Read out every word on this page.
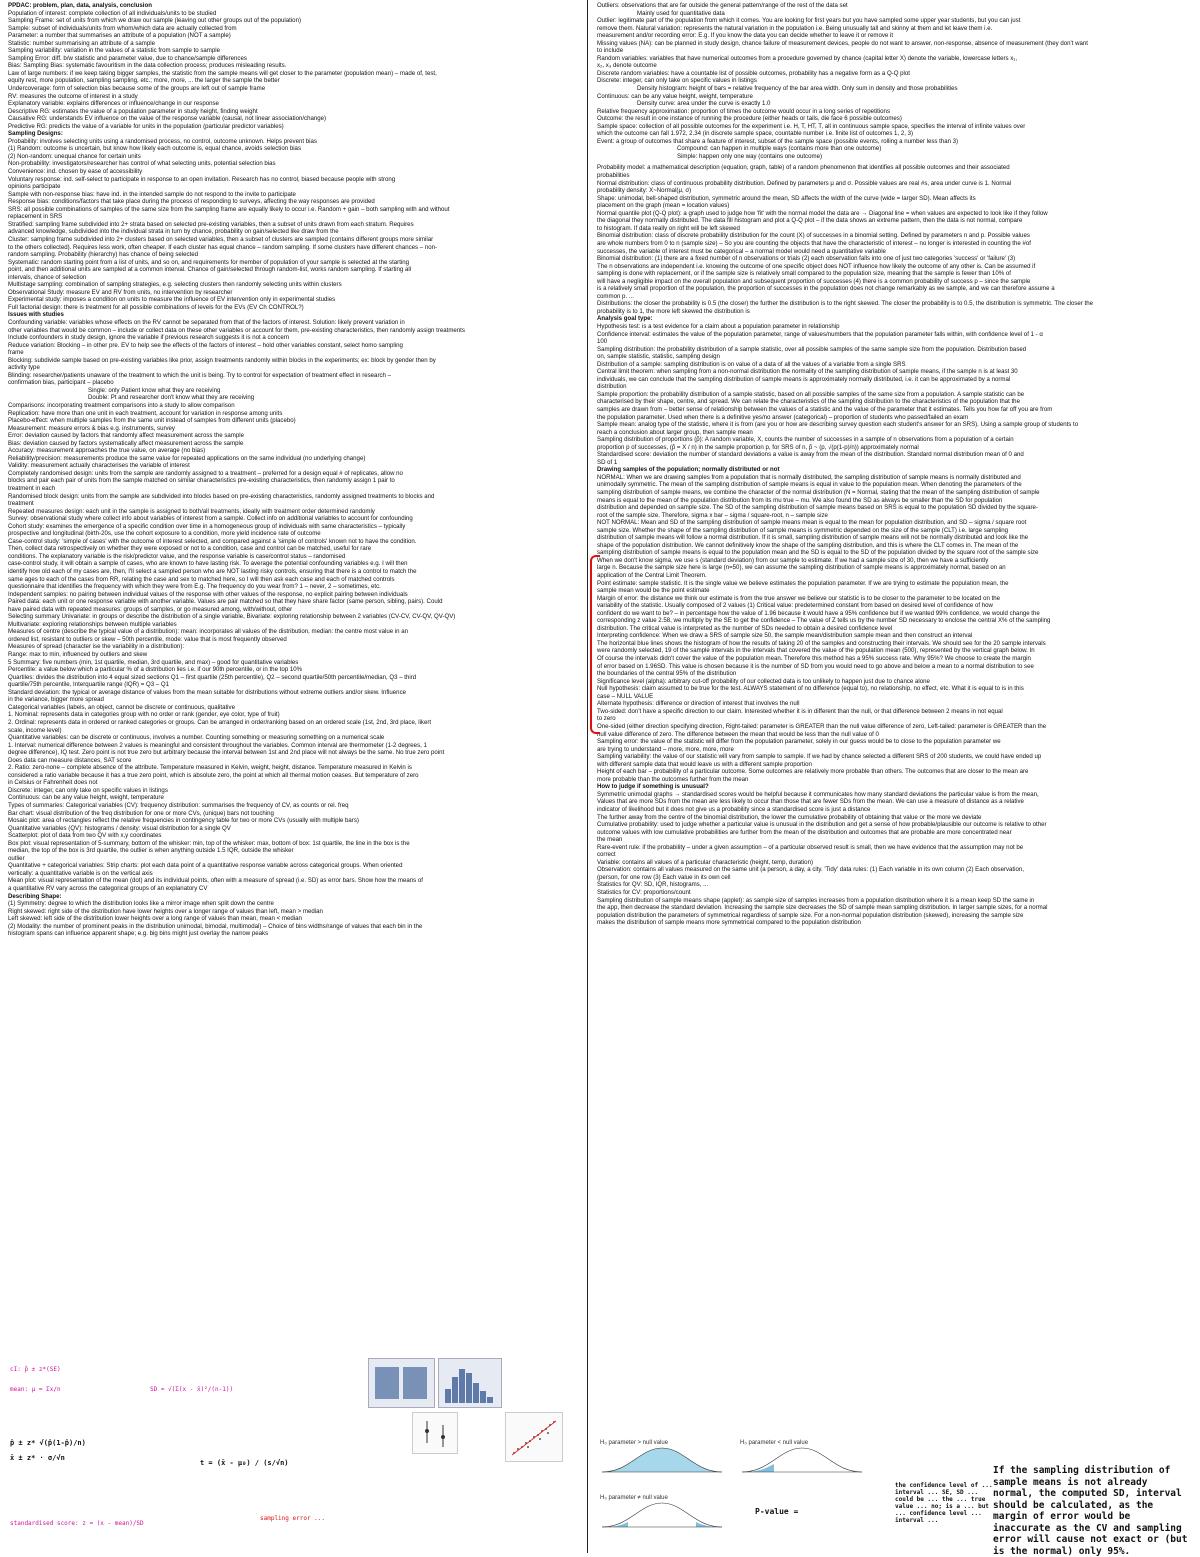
PPDAC: problem, plan, data, analysis, conclusion
Population of interest: complete collection of all individuals/units to be studied
Sampling Frame: set of units from which we draw our sample (leaving out other groups out of the population)
Sample: subset of individuals/units from whom/which data are actually collected from
Parameter: a number that summarises an attribute of a population (NOT a sample)
Statistic: number summarising an attribute of a sample
Sampling variability: variation in the values of a statistic from sample to sample
Sampling Error: diff. b/w statistic and parameter value, due to chance/sample differences
Bias: Sampling Bias: systematic favouritism in the data collection process; produces misleading results.
Law of large numbers: if we keep taking bigger samples, the statistic from the sample means will get closer to the parameter (population mean) – made of, test,
equity rest, more population, sampling sampling, etc.; more, more, ... the larger the sample the better
Undercoverage: form of selection bias because some of the groups are left out of sample frame
RV: measures the outcome of interest in a study
Explanatory variable: explains differences or influence/change in our response
Descriptive RG: estimates the value of a population parameter in study height, finding weight
Causative RG: understands EV influence on the value of the response variable (causal, not linear association/change)
Predictive RG: predicts the value of a variable for units in the population (particular predictor variables)
Sampling Designs:
Probability: involves selecting units using a randomised process, no control, outcome unknown. Helps prevent bias
(1) Random: outcome is uncertain, but know how likely each outcome is, equal chance, avoids selection bias
(2) Non-random: unequal chance for certain units
Non-probability: investigators/researcher has control of what selecting units, potential selection bias
Convenience: ind. chosen by ease of accessibility
Voluntary response: ind. self-select to participate in response to an open invitation. Research has no control, biased because people with strong
opinions participate
Sample with non-response bias: have ind. in the intended sample do not respond to the invite to participate
Response bias: conditions/factors that take place during the process of responding to surveys, affecting the way responses are provided
SRS: all possible combinations of samples of the same size from the sampling frame are equally likely to occur i.e. Random + gain – both sampling with and without
replacement in SRS
Stratified: sampling frame subdivided into 2+ strata based on selected pre-existing variables, then a subset of units drawn from each stratum. Requires
advanced knowledge, subdivided into the individual strata in turn by chance, probability on gain/selected like draw from the
Cluster: sampling frame subdivided into 2+ clusters based on selected variables, then a subset of clusters are sampled (contains different groups more similar
to the others collected). Requires less work, often cheaper. If each cluster has equal chance – random sampling. If some clusters have different chances – non-
random sampling. Probability (hierarchy) has chance of being selected
Systematic: random starting point from a list of units, and so on, and requirements for member of population of your sample is selected at the starting
point, and then additional units are sampled at a common interval. Chance of gain/selected through random-list, works random sampling. If starting all
intervals, chance of selection
Multistage sampling: combination of sampling strategies, e.g. selecting clusters then randomly selecting units within clusters
Observational Study: measure EV and RV from units, no intervention by researcher
Experimental study: imposes a condition on units to measure the influence of EV intervention only in experimental studies
Full factorial design: there is treatment for all possible combinations of levels for the EVs (EV Ch CONTROL?)
Issues with studies
Confounding variable: variables whose effects on the RV cannot be separated from that of the factors of interest. Solution: likely prevent variation in
other variables that would be common – include or collect data on these other variables or account for them, pre-existing characteristics, then randomly assign treatments
Include confounders in study design, ignore the variable if previous research suggests it is not a concern
Reduce variation: Blocking – in other pre. EV to help see the effects of the factors of interest – hold other variables constant, select homo sampling
frame
Blocking: subdivide sample based on pre-existing variables like prior, assign treatments randomly within blocks in the experiments; ex: block by gender then by
activity type
Blinding: researcher/patients unaware of the treatment to which the unit is being. Try to control for expectation of treatment effect in research –
confirmation bias, participant – placebo
Single: only Patient know what they are receiving
Double: Pt and researcher don't know what they are receiving
Comparisons: incorporating treatment comparisons into a study to allow comparison
Replication: have more than one unit in each treatment, account for variation in response among units
Placebo-effect: when multiple samples from the same unit instead of samples from different units (placebo)
Measurement: measure errors & bias e.g. instruments, survey
Error: deviation caused by factors that randomly affect measurement across the sample
Bias: deviation caused by factors systematically affect measurement across the sample
Accuracy: measurement approaches the true value, on average (no bias)
Reliability/precision: measurements produce the same value for repeated applications on the same individual (no underlying change)
Validity: measurement actually characterises the variable of interest
Completely randomised design: units from the sample are randomly assigned to a treatment – preferred for a design equal # of replicates, allow no
blocks and pair each pair of units from the sample matched on similar characteristics pre-existing characteristics, then randomly assign 1 pair to
treatment in each
Randomised block design: units from the sample are subdivided into blocks based on pre-existing characteristics, randomly assigned treatments to blocks and
treatment
Repeated measures design: each unit in the sample is assigned to both/all treatments, ideally with treatment order determined randomly
Survey: observational study where collect info about variables of interest from a sample. Collect info on additional variables to account for confounding
Cohort study: examines the emergence of a specific condition over time in a homogeneous group of individuals with same characteristics – typically
prospective and longitudinal (birth-20s, use the cohort exposure to a condition, more yield incidence rate of outcome
Case-control study: 'simple of cases' with the outcome of interest selected, and compared against a 'simple of controls' known not to have the condition.
Then, collect data retrospectively on whether they were exposed or not to a condition, case and control can be matched, useful for rare
conditions. The explanatory variable is the risk/predictor value, and the response variable is case/control status – randomised
case-control study, it will obtain a sample of cases, who are known to have lasting risk. To average the potential confounding variables e.g. I will then
identify how old each of my cases are, then, I'll select a sampled person who are NOT lasting risky controls, ensuring that there is a control to match the
same ages to each of the cases from RR, relating the case and sex to matched here, so I will then ask each case and each of matched controls
questionnaire that identifies the frequency with which they were from E.g. The frequency do you wear from? 1 – never, 2 – sometimes, etc.
Independent samples: no pairing between individual values of the response with other values of the response, no explicit pairing between individuals
Paired data: each unit or one response variable with another variable. Values are pair matched so that they have share factor (same person, sibling, pairs). Could
have paired data with repeated measures: groups of samples, or go measured among, with/without, other
Selecting summary Univariate: in groups or describe the distribution of a single variable, Bivariate: exploring relationship between 2 variables (CV-CV, CV-QV, QV-QV)
Multivariate: exploring relationships between multiple variables
Measures of centre (describe the typical value of a distribution): mean: incorporates all values of the distribution, median: the centre most value in an
ordered list, resistant to outliers or skew – 50th percentile, mode: value that is most frequently observed
Measures of spread (character ise the variability in a distribution):
Range: max to min, influenced by outliers and skew
5 Summary: five numbers (min, 1st quartile, median, 3rd quartile, and max) – good for quantitative variables
Percentile: a value below which a particular % of a distribution lies i.e. if our 90th percentile, or in the top 10%
Quartiles: divides the distribution into 4 equal sized sections Q1 – first quartile (25th percentile), Q2 – second quartile/50th percentile/median, Q3 – third
quartile/75th percentile, Interquartile range (IQR) = Q3 – Q1
Standard deviation: the typical or average distance of values from the mean suitable for distributions without extreme outliers and/or skew. Influence
in the variance, bigger more spread
Categorical variables (labels, an object, cannot be discrete or continuous, qualitative
1. Nominal: represents data in categories group with no order or rank (gender, eye color, type of fruit)
2. Ordinal: represents data in ordered or ranked categories or groups. Can be arranged in order/ranking based on an ordered scale (1st, 2nd, 3rd place, likert
scale, income level)
Quantitative variables: can be discrete or continuous, involves a number. Counting something or measuring something on a numerical scale
1. Interval: numerical difference between 2 values is meaningful and consistent throughout the variables. Common interval are thermometer (1-2 degrees, 1
degree difference), IQ test. Zero point is not true zero but arbitrary because the interval between 1st and 2nd place will not always be the same. No true zero point
Does data can measure distances, SAT score
2. Ratio: zero-none – complete absence of the attribute. Temperature measured in Kelvin, weight, height, distance. Temperature measured in Kelvin is
considered a ratio variable because it has a true zero point, which is absolute zero, the point at which all thermal motion ceases. But temperature of zero
in Celsius or Fahrenheit does not
Discrete: integer, can only take on specific values in listings
Continuous: can be any value height, weight, temperature
Types of summaries: Categorical variables (CV): frequency distribution: summarises the frequency of CV, as counts or rel. freq
Bar chart: visual distribution of the freq distribution for one or more CVs, (unique) bars not touching
Mosaic plot: area of rectangles reflect the relative frequencies in contingency table for two or more CVs (usually with multiple bars)
Quantitative variables (QV): histograms / density: visual distribution for a single QV
Scatterplot: plot of data from two QV with x,y coordinates
Box plot: visual representation of 5-summary, bottom of the whisker: min, top of the whisker: max, bottom of box: 1st quartile, the line in the box is the
median, the top of the box is 3rd quartile, the outlier is when anything outside 1.5 IQR, outside the whisker
outlier
Quantitative + categorical variables: Strip charts: plot each data point of a quantitative response variable across categorical groups. When oriented
vertically: a quantitative variable is on the vertical axis
Mean plot: visual representation of the mean (dot) and its individual points, often with a measure of spread (i.e. SD) as error bars. Show how the means of
a quantitative RV vary across the categorical groups of an explanatory CV
Describing Shape:
(1) Symmetry: degree to which the distribution looks like a mirror image when split down the centre
Right skewed: right side of the distribution have lower heights over a longer range of values than left, mean > median
Left skewed: left side of the distribution lower heights over a long range of values than mean, mean < median
(2) Modality: the number of prominent peaks in the distribution unimodal, bimodal, multimodal) – Choice of bins widths/range of values that each bin in the
histogram spans can influence apparent shape; e.g. big bins might just overlay the narrow peaks
Outliers: observations that are far outside the general pattern/range of the rest of the data set
Mainly used for quantitative data
Outlier: legitimate part of the population from which it comes. You are looking for first years but you have sampled some upper year students, but you can just
remove them. Natural variation: represents the natural variation in the population i.e. Being unusually tall and skinny at them and let leave them i.e.
measurement and/or recording error: E.g. If you know the data you can decide whether to leave it or remove it
Missing values (NA): can be planned in study design, chance failure of measurement devices, people do not want to answer, non-response, absence of measurement (they don't want
to include
Random variables: variables that have numerical outcomes from a procedure governed by chance (capital letter X) denote the variable, lowercase letters x₁,
x₂, x₃ denote outcome
Discrete random variables: have a countable list of possible outcomes, probability has a negative form as a Q-Q plot
Discrete: integer, can only take on specific values in listings
Density histogram: height of bars = relative frequency of the bar area width. Only sum in density and those probabilities
Continuous: can be any value height, weight, temperature
Density curve: area under the curve is exactly 1.0
Relative frequency approximation: proportion of times the outcome would occur in a long series of repetitions
Outcome: the result in one instance of running the procedure (either heads or tails, die face 6 possible outcomes)
Sample space: collection of all possible outcomes for the experiment i.e. H, T, HT, T, all in continuous sample space, specifies the interval of infinite values over
which the outcome can fall 1.972, 2.34 (in discrete sample space, countable number i.e. finite list of outcomes 1, 2, 3)
Event: a group of outcomes that share a feature of interest, subset of the sample space (possible events, rolling a number less than 3)
Compound: can happen in multiple ways (contains more than one outcome)
Simple: happen only one way (contains one outcome)
Probability model: a mathematical description (equation, graph, table) of a random phenomenon that identifies all possible outcomes and their associated
probabilities
Normal distribution: class of continuous probability distribution. Defined by parameters μ and σ. Possible values are real #s, area under curve is 1. Normal
probability density: X~Normal(μ, σ)
Shape: unimodal, bell-shaped distribution, symmetric around the mean, SD affects the width of the curve (wide = larger SD). Mean affects its
placement on the graph (mean = location values)
Normal quantile plot (Q-Q plot): a graph used to judge how 'fit' with the normal model the data are → Diagonal line = when values are expected to look like if they follow
the diagonal they normally distributed. The data fill histogram and plot a Q-Q plot – if the data shows an extreme pattern, then the data is not normal, compare
to histogram. If data really on right will be left skewed
Binomial distribution: class of discrete probability distribution for the count (X) of successes in a binomial setting. Defined by parameters n and p. Possible values
are whole numbers from 0 to n (sample size) – So you are counting the objects that have the characteristic of interest – no longer is interested in counting the #of
successes, the variable of interest must be categorical – a normal model would need a quantitative variable
Binomial distribution: (1) there are a fixed number of n observations or trials (2) each observation falls into one of just two categories 'success' or 'failure' (3)
The n observations are independent i.e. knowing the outcome of one specific object does NOT influence how likely the outcome of any other is. Can be assumed if
sampling is done with replacement, or if the sample size is relatively small compared to the population size, meaning that the sample is fewer than 10% of
will have a negligible impact on the overall population and subsequent proportion of successes (4) there is a common probability of success p – since the sample
is a relatively small proportion of the population, the proportion of successes in the population does not change remarkably as we sample, and we can therefore assume a
common p. ...
Distributions: the closer the probability is 0.5 (the closer) the further the distribution is to the right skewed. The closer the probability is to 0.5, the distribution is symmetric. The closer the
probability is to 1, the more left skewed the distribution is
Analysis goal type:
Hypothesis test: is a test evidence for a claim about a population parameter in relationship
Confidence interval: estimates the value of the population parameter, range of values/numbers that the population parameter falls within, with confidence level of 1 - α
100
Sampling distribution: the probability distribution of a sample statistic, over all possible samples of the same sample size from the population. Distribution based
on, sample statistic, statistic, sampling design
Distribution of a sample: sampling distribution is on value of a data of all the values of a variable from a single SRS
Central limit theorem: when sampling from a non-normal distribution the normality of the sampling distribution of sample means, if the sample n is at least 30
individuals, we can conclude that the sampling distribution of sample means is approximately normally distributed, i.e. it can be approximated by a normal
distribution
Sample proportion: the probability distribution of a sample statistic, based on all possible samples of the same size from a population. A sample statistic can be
characterised by their shape, centre, and spread. We can relate the characteristics of the sampling distribution to the characteristics of the population that the
samples are drawn from – better sense of relationship between the values of a statistic and the value of the parameter that it estimates. Tells you how far off you are from
the population parameter. Used when there is a definitive yes/no answer (categorical) – proportion of students who passed/failed an exam
Sample mean: analog type of the statistic, where it is from (are you or how are describing survey question each student's answer for an SRS). Using a sample group of students to
reach a conclusion about larger group, then sample mean
Sampling distribution of proportions (p̂): A random variable, X, counts the number of successes in a sample of n observations from a population of a certain
proportion p of successes, (p̂ = X / n) in the sample proportion p, for SRS of n, p̂ ~ (p, √(p(1-p)/n)) approximately normal
Standardised score: deviation the number of standard deviations a value is away from the mean of the distribution. Standard normal distribution mean of 0 and
SD of 1
Drawing samples of the population; normally distributed or not
NORMAL: When we are drawing samples from a population that is normally distributed, the sampling distribution of sample means is normally distributed and
unimodally symmetric. The mean of the sampling distribution of sample means is equal in value to the population mean. When denoting the parameters of the
sampling distribution of sample means, we combine the character of the normal distribution (N = Normal, stating that the mean of the sampling distribution of sample
means is equal to the mean of the population distribution from its mu true – mu. We also found the SD as always be smaller than the SD for population
distribution and depended on sample size. The SD of the sampling distribution of sample means based on SRS is equal to the population SD divided by the square-
root of the sample size. Therefore, sigma x bar – sigma / square-root, n – sample size
NOT NORMAL: Mean and SD of the sampling distribution of sample means mean is equal to the mean for population distribution, and SD – sigma / square root
sample size. Whether the shape of the sampling distribution of sample means is symmetric depended on the size of the sample (CLT) i.e. large sampling
distribution of sample means will follow a normal distribution. If it is small, sampling distribution of sample means will not be normally distributed and look like the
shape of the population distribution. We cannot definitively know the shape of the sampling distribution, and this is where the CLT comes in. The mean of the
sampling distribution of sample means is equal to the population mean and the SD is equal to the SD of the population divided by the square root of the sample size
When we don't know sigma, we use s (standard deviation) from our sample to estimate. If we had a sample size of 30, then we have a sufficiently
large n. Because the sample size here is large (n=50), we can assume the sampling distribution of sample means is approximately normal, based on an
application of the Central Limit Theorem.
Point estimate: sample statistic. It is the single value we believe estimates the population parameter. If we are trying to estimate the population mean, the
sample mean would be the point estimate
Margin of error: the distance we think our estimate is from the true answer we believe our statistic is to be closer to the parameter to be located on the
variability of the statistic. Usually composed of 2 values (1) Critical value: predetermined constant from based on desired level of confidence of how
confident do we want to be? – in percentage how the value of 1.96 because it would have a 95% confidence but if we wanted 99% confidence, we would change the
corresponding z value 2.58, we multiply by the SE to get the confidence – The value of Z tells us by the number SD necessary to enclose the central X% of the sampling
distribution. The critical value is interpreted as the number of SDs needed to obtain a desired confidence level
Interpreting confidence: When we draw a SRS of sample size 50, the sample mean/distribution sample mean and then construct an interval
The horizontal blue lines shows the histogram of how the results of taking 20 of the samples and constructing their intervals. We should see for the 20 sample intervals
were randomly selected, 19 of the sample intervals in the intervals that covered the value of the population mean (500), represented by the vertical graph below. In
Of course the intervals didn't cover the value of the population mean. Therefore this method has a 95% success rate. Why 95%? We choose to create the margin
of error based on 1.96SD. This value is chosen because it is the number of SD from you would need to go above and below a mean to a normal distribution to see
the boundaries of the central 95% of the distribution
Significance level (alpha): arbitrary cut-off probability of our collected data is too unlikely to happen just due to chance alone
Null hypothesis: claim assumed to be true for the test. ALWAYS statement of no difference (equal to), no relationship, no effect, etc. What it is equal to is in this
case – NULL VALUE
Alternate hypothesis: difference or direction of interest that involves the null
Two-sided: don't have a specific direction to our claim. Interested whether it is in different than the null, or that difference between 2 means in not equal
to zero
One-sided (either direction specifying direction, Right-tailed: parameter is GREATER than the null value difference of zero, Left-tailed: parameter is GREATER than the
null value difference of zero. The difference between the mean that would be less than the null value of 0
Sampling error: the value of the statistic will differ from the population parameter, solely in our guess would be to close to the population parameter we
are trying to understand – more, more, more, more
Sampling variability: the value of our statistic will vary from sample to sample. If we had by chance selected a different SRS of 200 students, we could have ended up
with different sample data that would leave us with a different sample proportion
Height of each bar – probability of a particular outcome. Some outcomes are relatively more probable than others. The outcomes that are closer to the mean are
more probable than the outcomes further from the mean
How to judge if something is unusual?
Symmetric unimodal graphs → standardised scores would be helpful because it communicates how many standard deviations the particular value is from the mean,
Values that are more SDs from the mean are less likely to occur than those that are fewer SDs from the mean. We can use a measure of distance as a relative
indicator of likelihood but it does not give us a probability since a standardised score is just a distance
The further away from the centre of the binomial distribution, the lower the cumulative probability of obtaining that value or the more we deviate
Cumulative probability: used to judge whether a particular value is unusual in the distribution and get a sense of how probable/plausible our outcome is relative to other
outcome values with low cumulative probabilities are further from the mean of the distribution and outcomes that are probable are more concentrated near
the mean
Rare-event rule: if the probability – under a given assumption – of a particular observed result is small, then we have evidence that the assumption may not be
correct
Variable: contains all values of a particular characteristic (height, temp, duration)
Observation: contains all values measured on the same unit (a person, a day, a city. 'Tidy' data rules: (1) Each variable in its own column (2) Each observation,
(person, for one row (3) Each value in its own cell
Statistics for QV: SD, IQR, histograms, ...
Statistics for CV: proportions/count
Sampling distribution of sample means shape (applet): as sample size of samples increases from a population distribution where it is a mean keep SD the same in
the app, then decrease the standard deviation. Increasing the sample size decreases the SD of sample mean sampling distribution. In larger sample sizes, for a normal
population distribution the parameters of symmetrical regardless of sample size. For a non-normal population distribution (skewed), increasing the sample size
makes the distribution of sample means more symmetrical compared to the population distribution
H₀ parameter > null value	H₀ parameter < null value
H₀ parameter ≠ null value
P-value =
cI: p̂ ± z*(SE)
mean: μ = Σx/n	SD = √(Σ(x - x̄)²/(n-1))
standardised score: z = (x - mean)/SD
sampling error ...
p̂ ± z* √(p̂(1-p̂)/n)
x̄ ± z* · σ/√n
t = (x̄ - μ₀) / (s/√n)
the confidence level of ... interval ... SE, SD ... could be ... the ... true value ... no; is a ... but ... confidence level ... interval ...
If the sampling distribution of sample means is not already normal, the computed SD, interval should be calculated, as the margin of error would be inaccurate as the CV and sampling error will cause not exact or (but is the normal) only 95%.
